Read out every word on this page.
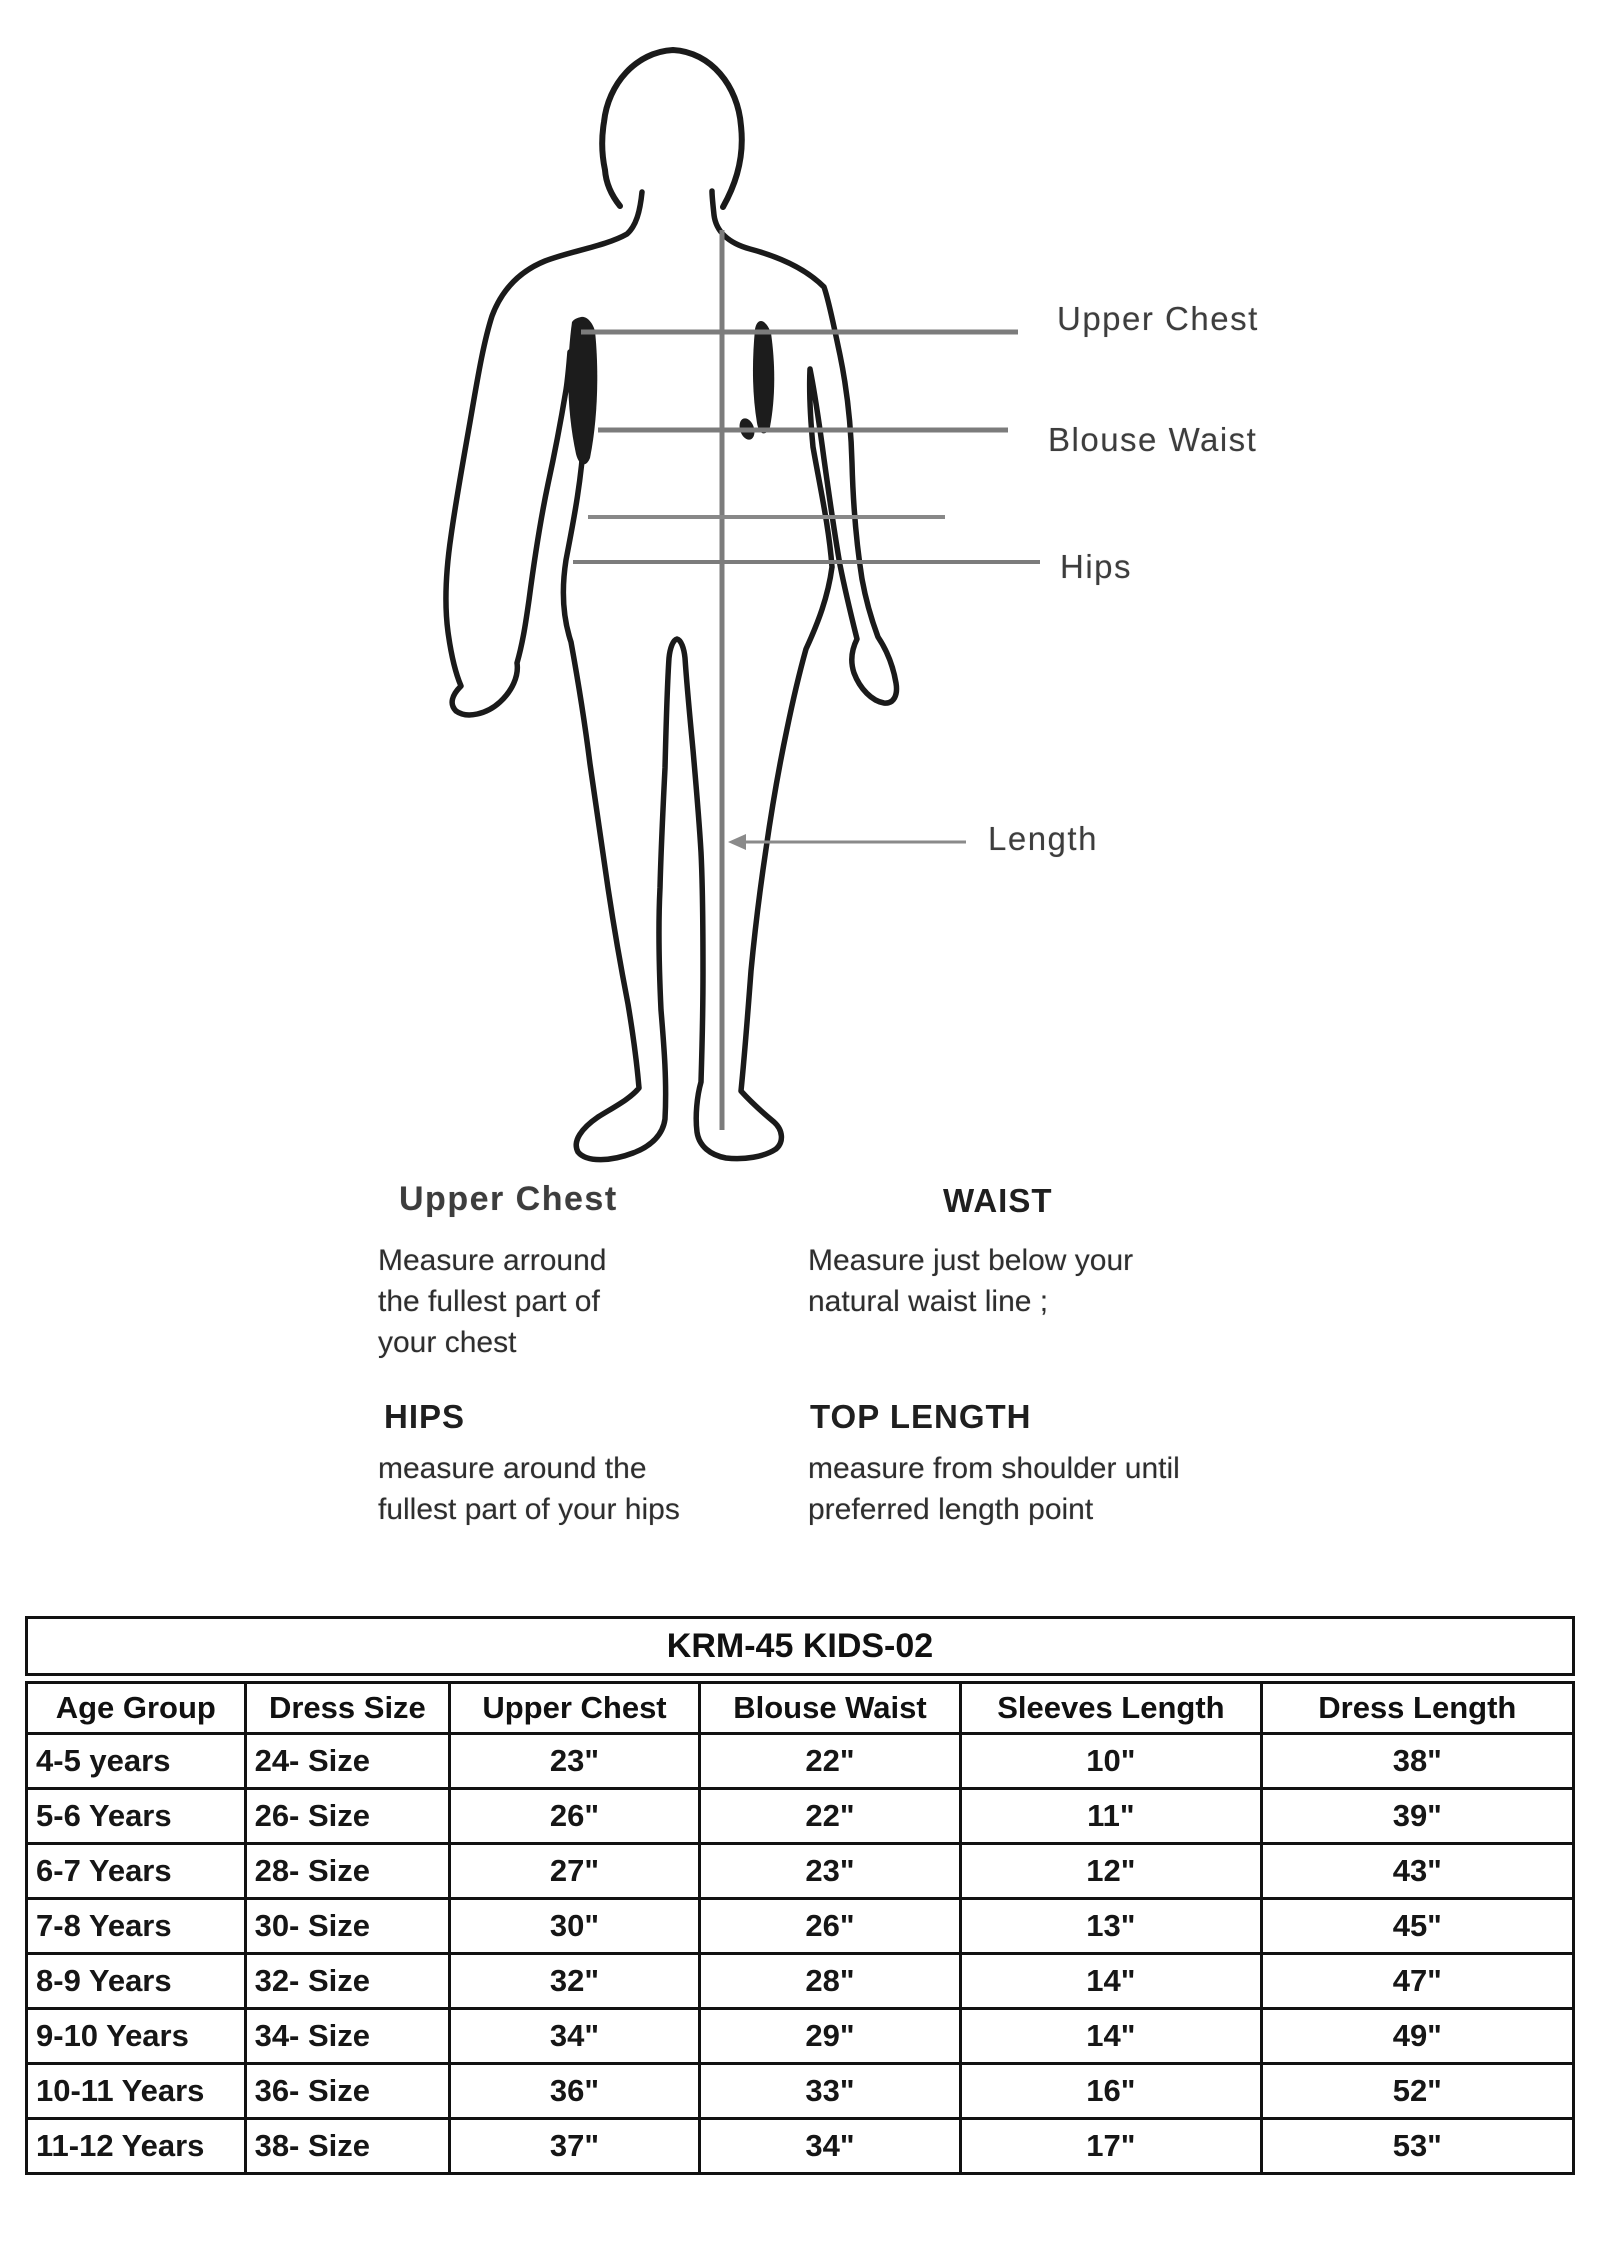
Upper Chest
Blouse Waist
Hips
Length
Upper Chest
Measure arround
the fullest part of
your chest
WAIST
Measure just below your
natural waist line ;
HIPS
measure around the
fullest part of your hips
TOP LENGTH
measure from shoulder until
preferred length point
KRM-45 KIDS-02					

Age Group	Dress Size	Upper Chest	Blouse Waist	Sleeves Length	Dress Length
4-5 years	24- Size	23"	22"	10"	38"
5-6 Years	26- Size	26"	22"	11"	39"
6-7 Years	28- Size	27"	23"	12"	43"
7-8 Years	30- Size	30"	26"	13"	45"
8-9 Years	32- Size	32"	28"	14"	47"
9-10 Years	34- Size	34"	29"	14"	49"
10-11 Years	36- Size	36"	33"	16"	52"
11-12 Years	38- Size	37"	34"	17"	53"
